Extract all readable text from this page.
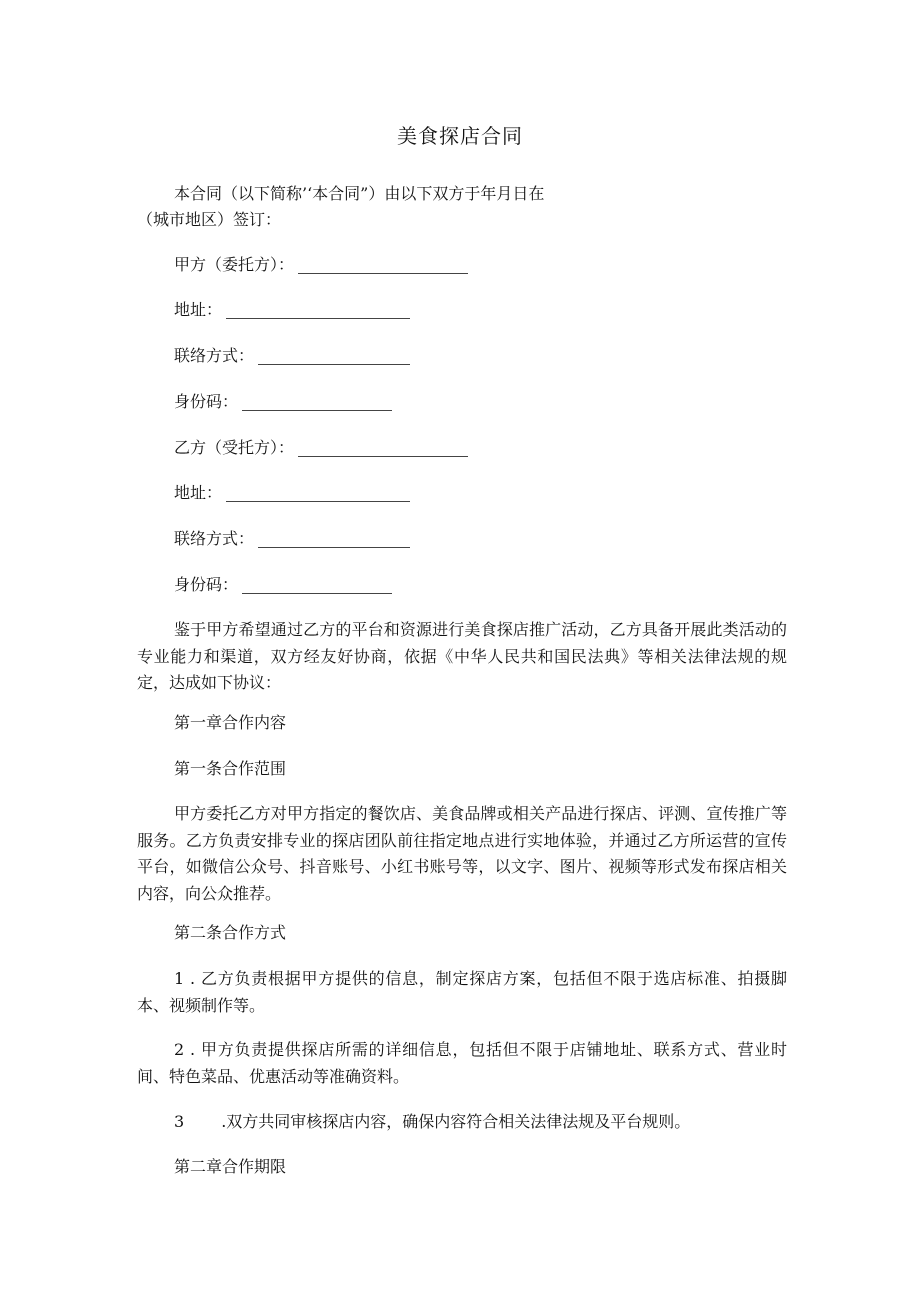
美食探店合同
本合同（以下简称’‘本合同”）由以下双方于年月日在
（城市地区）签订：
甲方（委托方）：
地址：
联络方式：
身份码：
乙方（受托方）：
地址：
联络方式：
身份码：
鉴于甲方希望通过乙方的平台和资源进行美食探店推广活动，乙方具备开展此类活动的专业能力和渠道，双方经友好协商，依据《中华人民共和国民法典》等相关法律法规的规定，达成如下协议：
第一章合作内容
第一条合作范围
甲方委托乙方对甲方指定的餐饮店、美食品牌或相关产品进行探店、评测、宣传推广等服务。乙方负责安排专业的探店团队前往指定地点进行实地体验，并通过乙方所运营的宣传平台，如微信公众号、抖音账号、小红书账号等，以文字、图片、视频等形式发布探店相关内容，向公众推荐。
第二条合作方式
1 . 乙方负责根据甲方提供的信息，制定探店方案，包括但不限于选店标准、拍摄脚本、视频制作等。
2 . 甲方负责提供探店所需的详细信息，包括但不限于店铺地址、联系方式、营业时间、特色菜品、优惠活动等准确资料。
3 .双方共同审核探店内容，确保内容符合相关法律法规及平台规则。
第二章合作期限
